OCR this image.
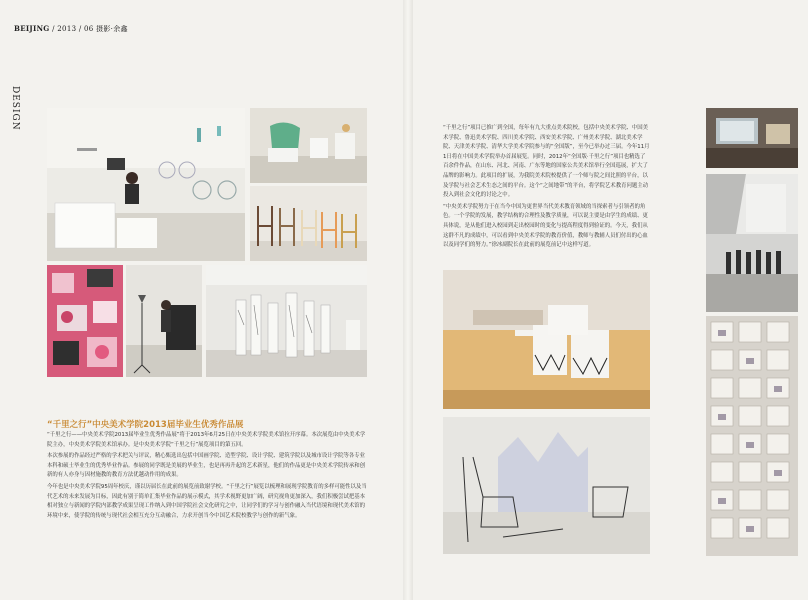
BEIJING / 2013 / 06 摄影·余鑫
DESIGN
“千里之行”中央美术学院2013届毕业生优秀作品展

“千里之行——中央美术学院2013届毕业生优秀作品展”将于2013年6月25日在中央美术学院美术馆拉开序幕。本次展览由中央美术学院主办，中央美术学院美术馆承办。是中央美术学院“千里之行”展览项目的第五回。

本次参展的作品经过严格的学术把关与评议，精心甄选出包括中国画学院、造型学院、设计学院、建筑学院以及城市设计学院等各专业本科和硕士毕业生的优秀毕业作品。参展的同学既是美展的毕业生，也是再再升起的艺术新星，他们的作品更是中央美术学院传承和创新的有人亦身与因材施教的教育方法优越动作用的成果。

今年也是中央美术学院95周年校庆，谨以历届长在此前的展览前致谢学校。“千里之行”展览以梳理和展现学院教育的多样可能性以及当代艺术的未来发展为目标，因此有别于简单汇集毕业作品的展示模式，其学术视野更加广阔，研究视角更加深入，我们积极尝试把基本相对独立与新闻的学院内部教学成果呈现工作纳入到中国学院社会文化研究之中，让同学们的学习与创作融入当代语境和现代美术馆的环境中来，使学院的传统与现代社会相互充分互动融合，力求开创当今中国艺术院校教学与创作的新气象。

“千里之行”项目已推广到全国，每年有九大重点美术院校，包括中央美术学院、中国美术学院、鲁迅美术学院、四川美术学院、西安美术学院、广州美术学院、湖北美术学院、天津美术学院、清华大学美术学院参与的“全国版”，至今已举办过三届。今年11月1日将在中国美术学院举办首届展览。同时，2012年“全国版·千里之行”项目也精选了百余件作品，在山东、河北、河南、广东等地的国家公共美术馆举行全国巡展，扩大了品牌的影响力。此项目的扩展，为我院美术院校提供了一个师与院之间比照的平台，以及学院与社会艺术生态之间的平台。这个“之间地带”的平台，将学院艺术教育问题主动投入到社会文化的讨论之中。

“中央美术学院努力于在当今中国为更世界当代美术教育领域的当探索者与引领者的角色。一个学院的发展，教学结构的合理性及教学质量，可以说主要是由学生的成绩、更具体说，是从他们进入校园到走出校园时的变化与提高程度得到验证的。今天，我们从这群不凡的成绩中，可以看到中央美术学院的教育价值，教师与教辅人员们付出的心血以及同学们的努力。”徐冰副院长在此前的展览前记中这样写道。
